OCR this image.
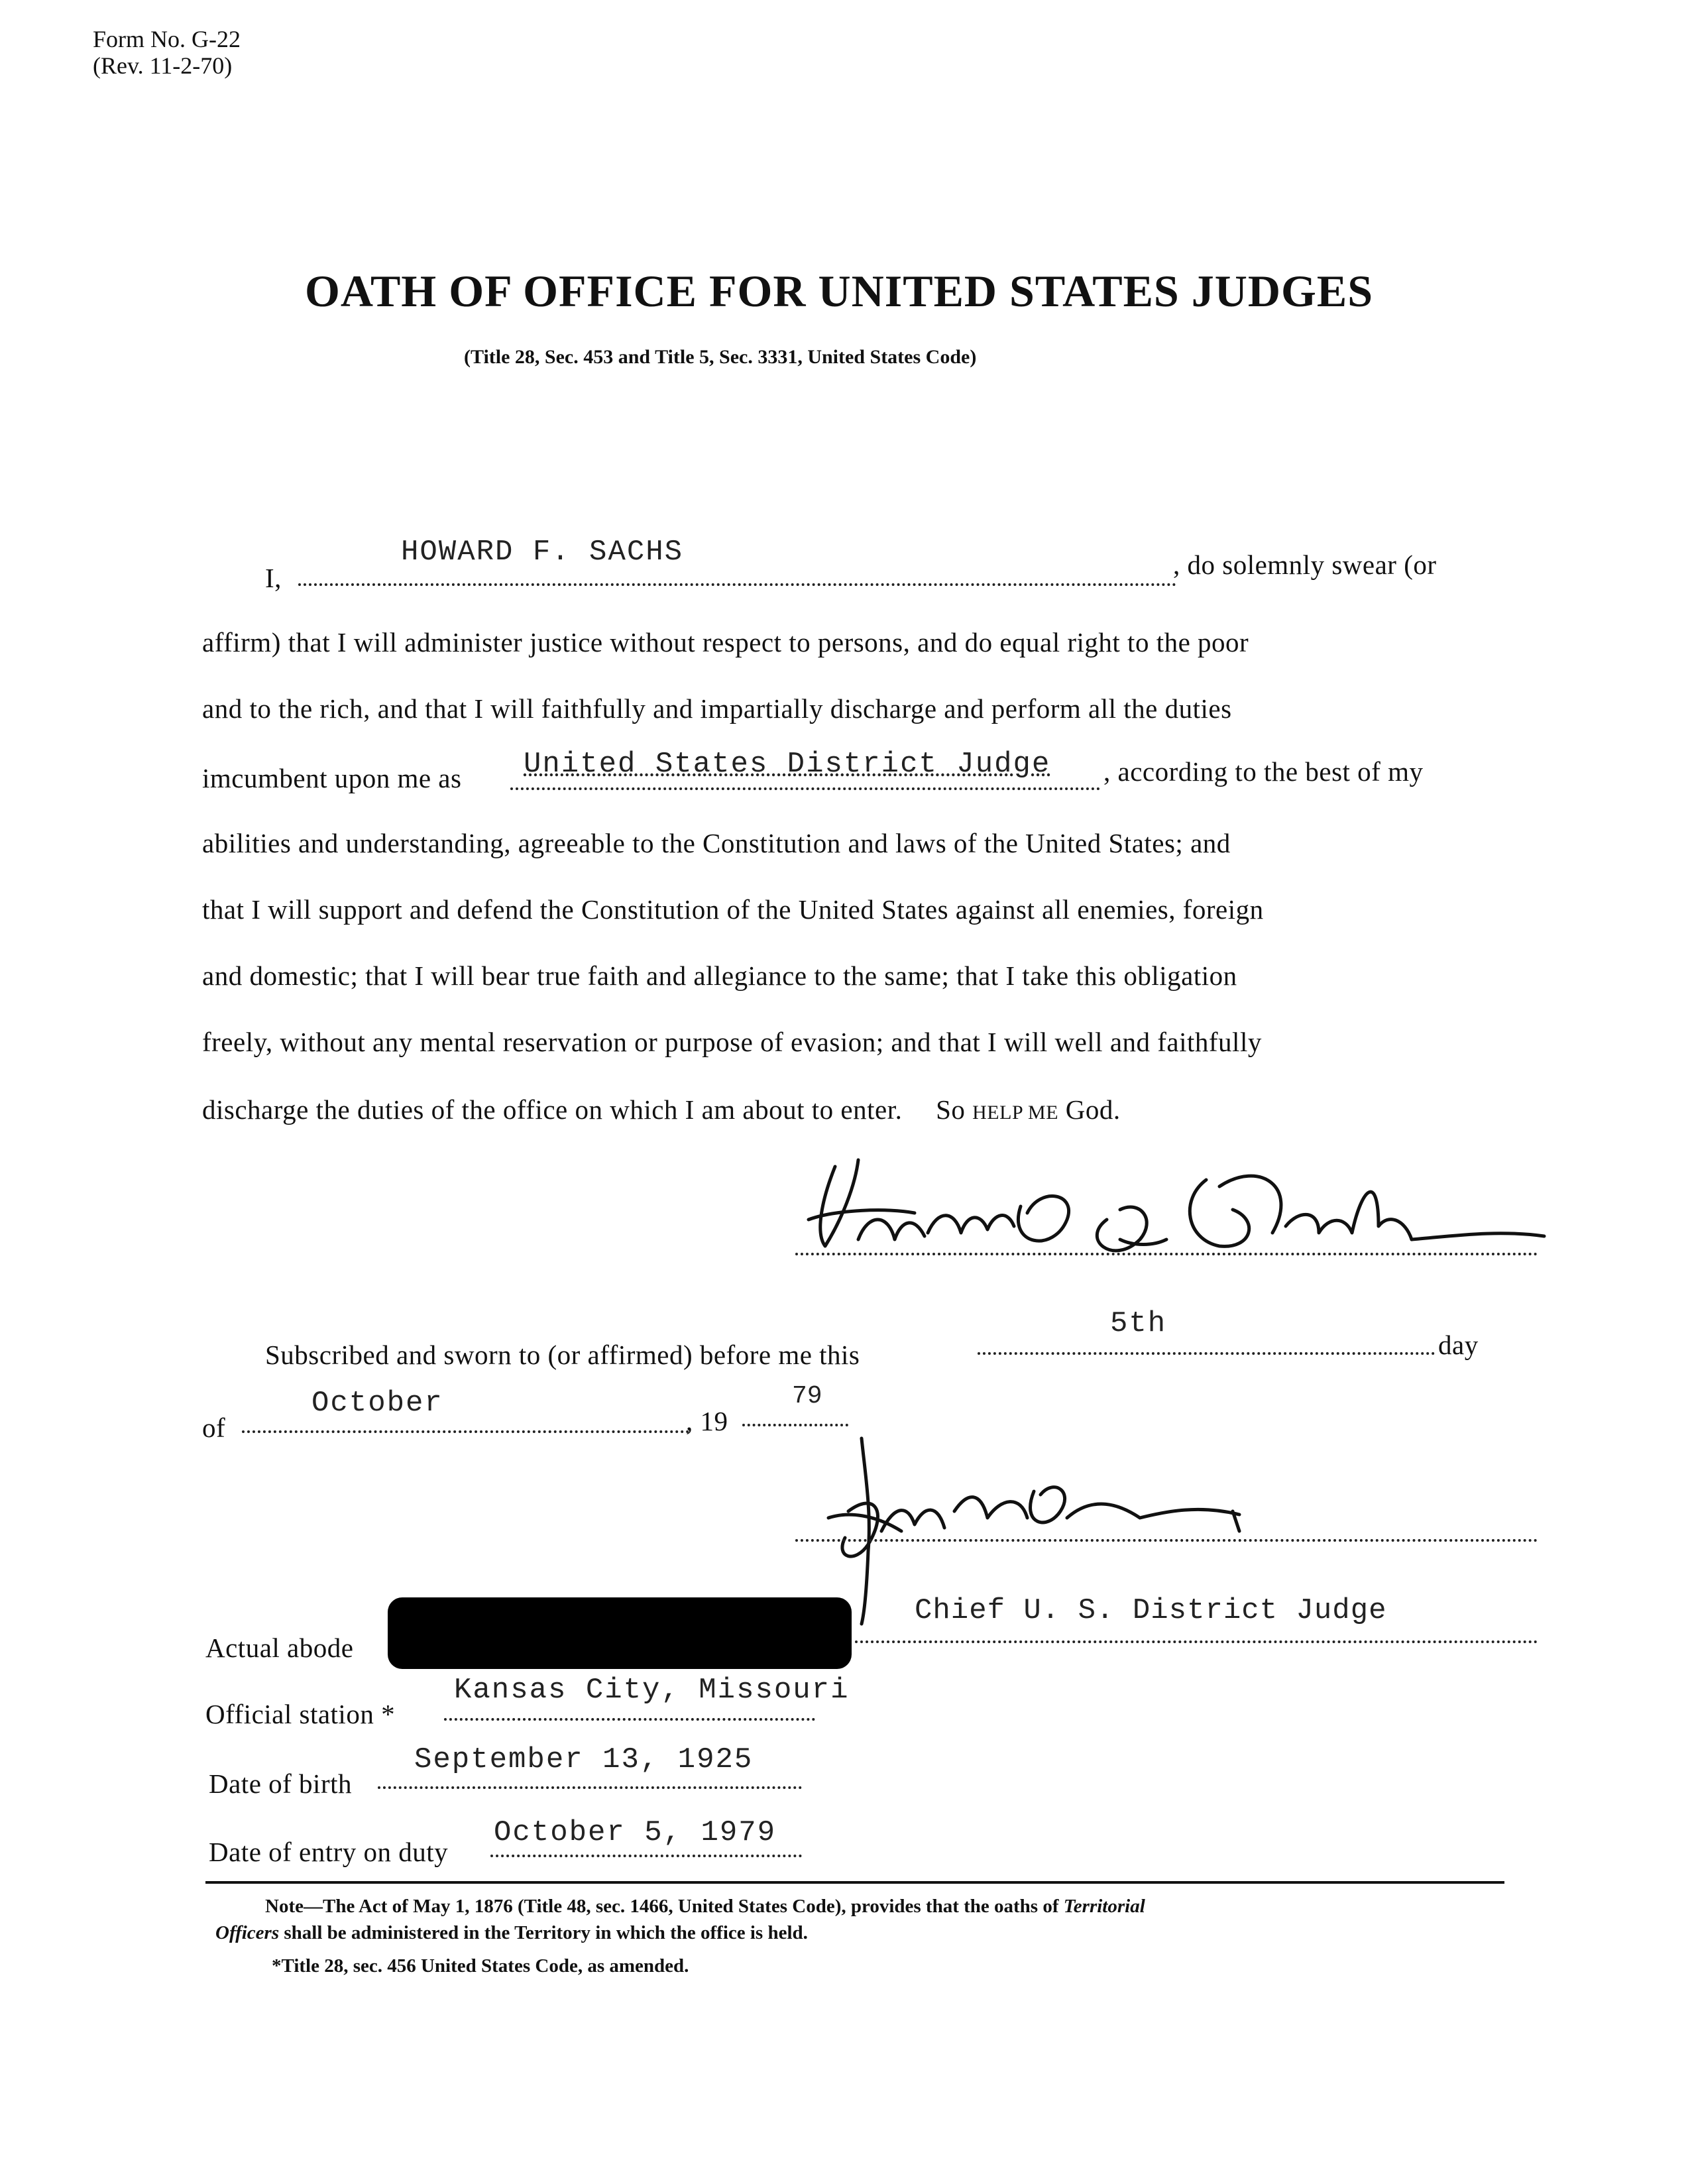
Form No. G-22
(Rev. 11-2-70)
OATH OF OFFICE FOR UNITED STATES JUDGES
(Title 28, Sec. 453 and Title 5, Sec. 3331, United States Code)
I,
HOWARD F. SACHS	, do solemnly swear (or
affirm) that I will administer justice without respect to persons, and do equal right to the poor
and to the rich, and that I will faithfully and impartially discharge and perform all the duties
imcumbent upon me as United States District Judge , according to the best of my
abilities and understanding, agreeable to the Constitution and laws of the United States; and
that I will support and defend the Constitution of the United States against all enemies, foreign
and domestic; that I will bear true faith and allegiance to the same; that I take this obligation
freely, without any mental reservation or purpose of evasion; and that I will well and faithfully
discharge the duties of the office on which I am about to enter. So HELP ME God.
Subscribed and sworn to (or affirmed) before me this
5th
day
of
October
, 19
79
Chief U. S. District Judge
Actual abode
Official station *
Kansas City, Missouri
Date of birth
September 13, 1925
Date of entry on duty
October 5, 1979
Note—The Act of May 1, 1876 (Title 48, sec. 1466, United States Code), provides that the oaths of Territorial
Officers shall be administered in the Territory in which the office is held.
*Title 28, sec. 456 United States Code, as amended.
